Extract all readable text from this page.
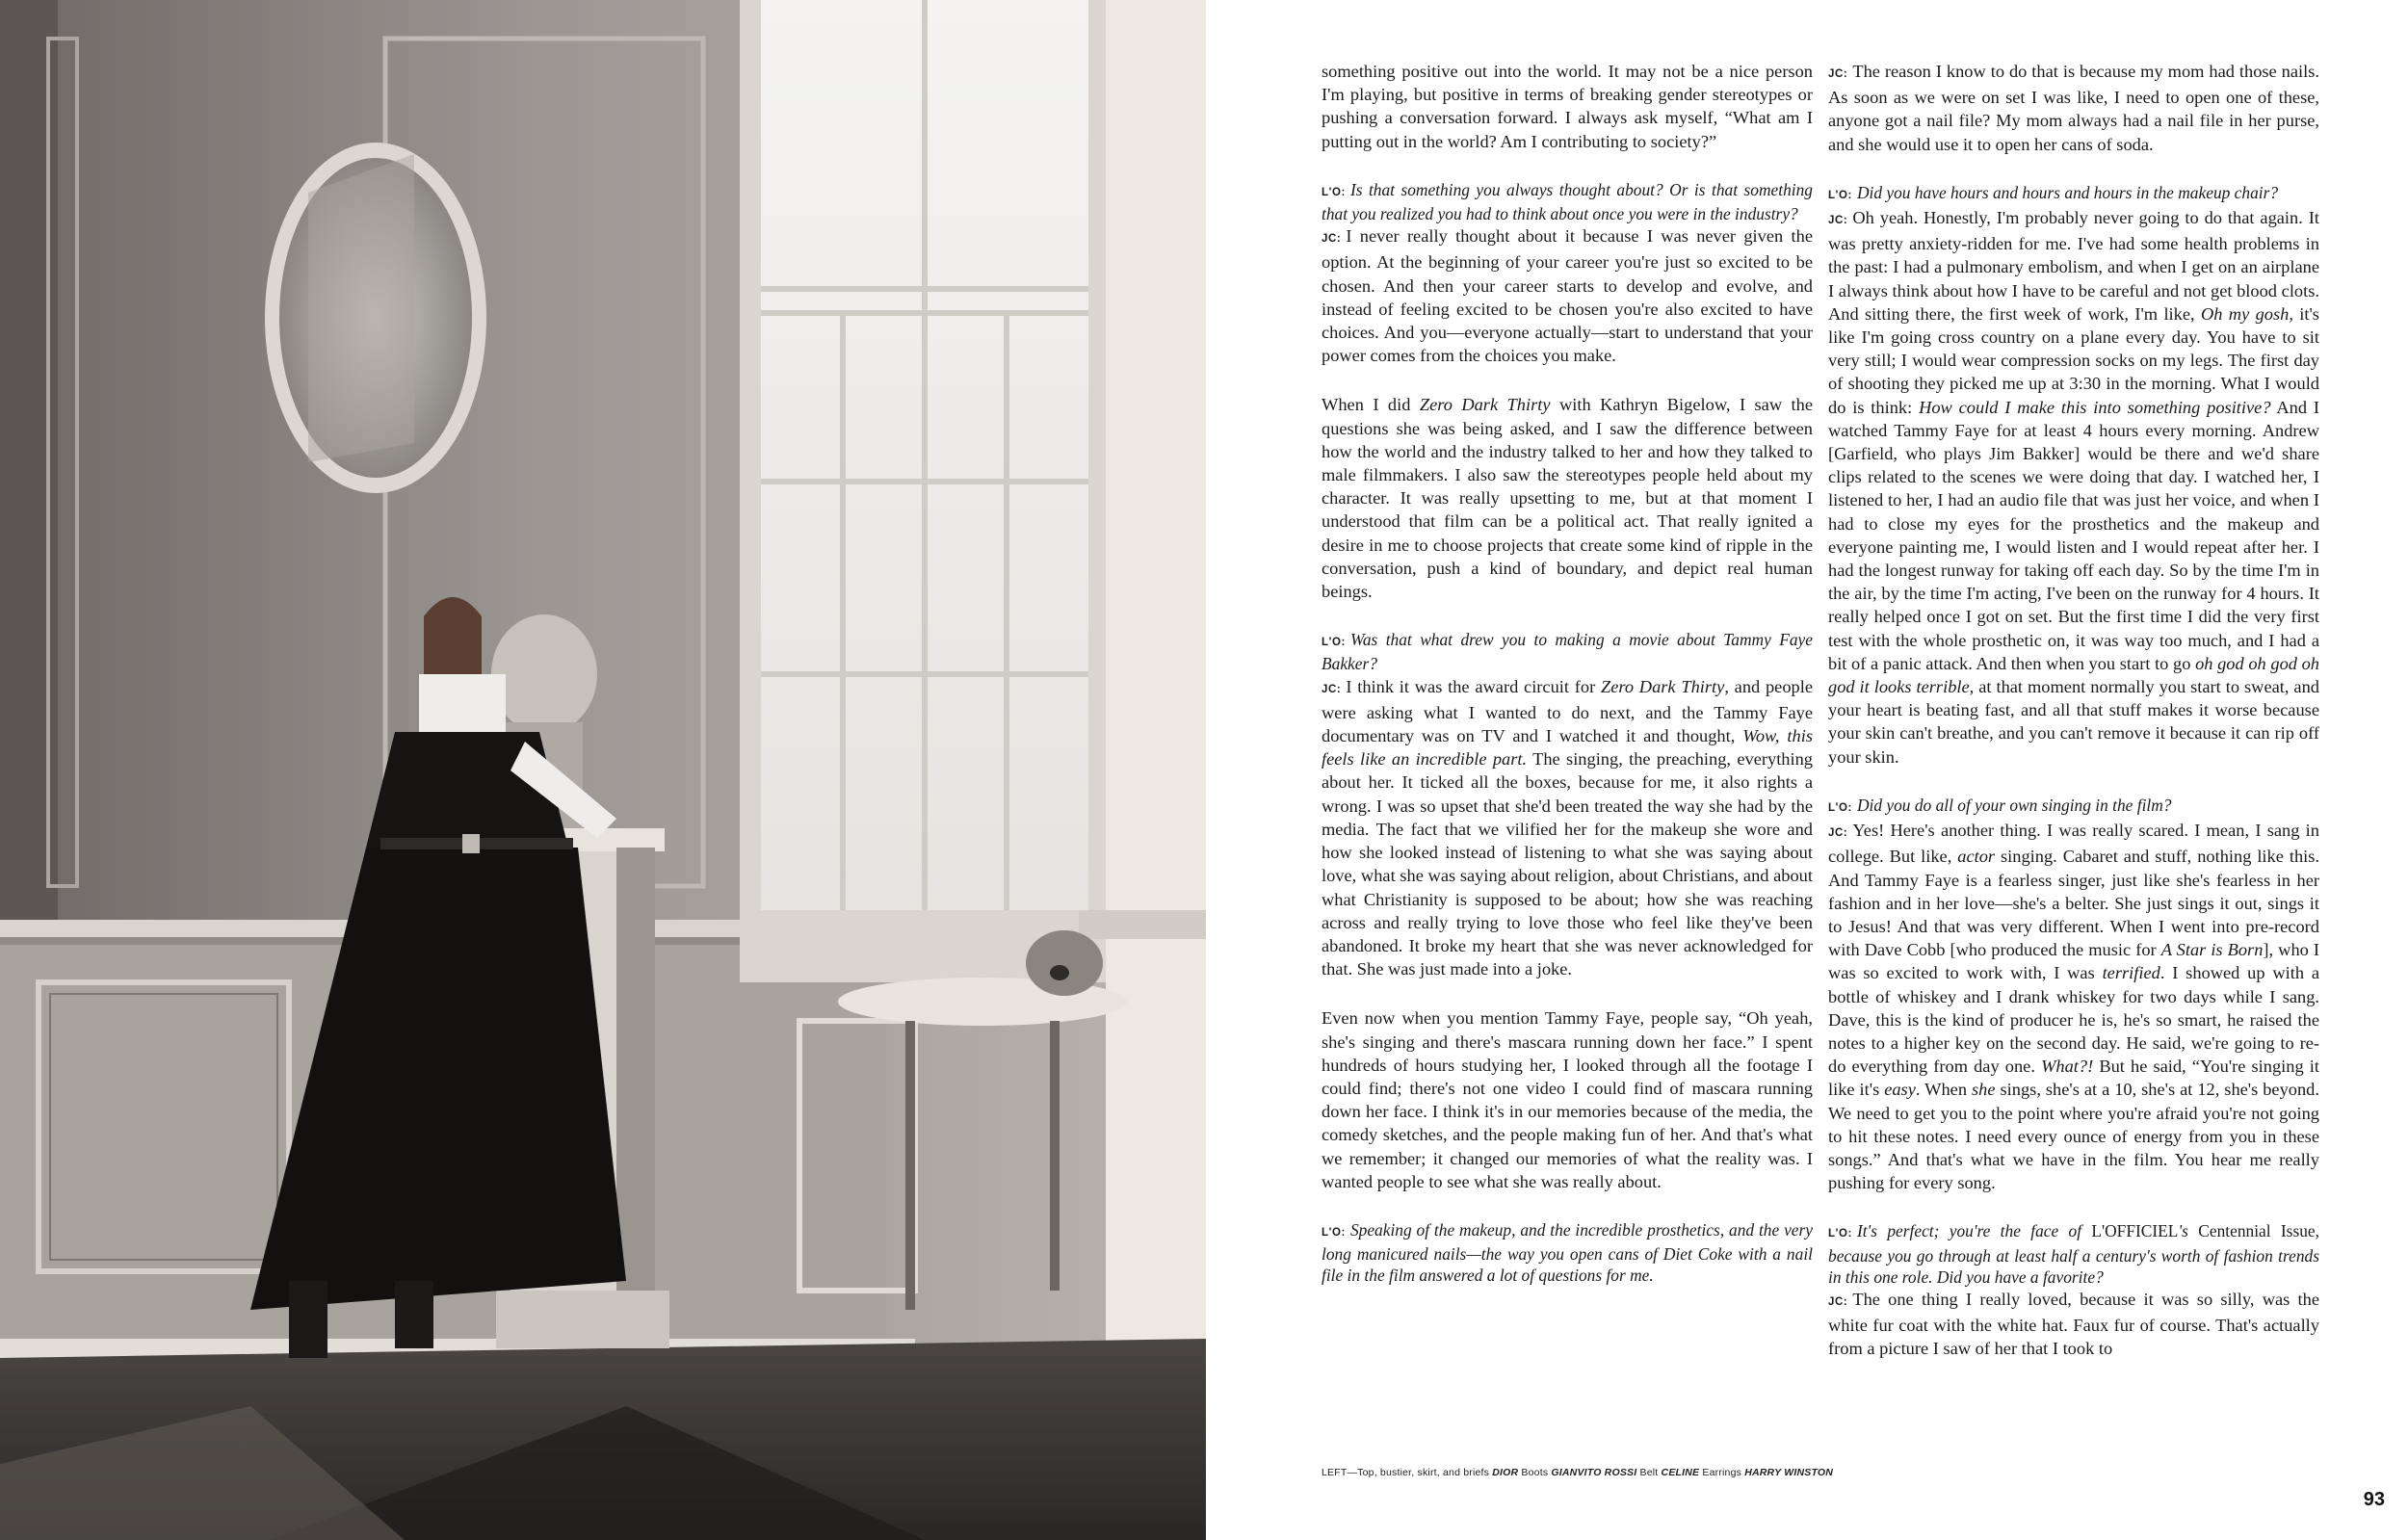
something positive out into the world. It may not be a nice person I'm playing, but positive in terms of breaking gender stereotypes or pushing a conversation forward. I always ask myself, “What am I putting out in the world? Am I contributing to society?”

L'O: Is that something you always thought about? Or is that something that you realized you had to think about once you were in the industry?

JC: I never really thought about it because I was never given the option. At the beginning of your career you're just so excited to be chosen. And then your career starts to develop and evolve, and instead of feeling excited to be chosen you're also excited to have choices. And you—everyone actually—start to understand that your power comes from the choices you make.

When I did Zero Dark Thirty with Kathryn Bigelow, I saw the questions she was being asked, and I saw the difference between how the world and the industry talked to her and how they talked to male filmmakers. I also saw the stereotypes people held about my character. It was really upsetting to me, but at that moment I understood that film can be a political act. That really ignited a desire in me to choose projects that create some kind of ripple in the conversation, push a kind of boundary, and depict real human beings.

L'O: Was that what drew you to making a movie about Tammy Faye Bakker?

JC: I think it was the award circuit for Zero Dark Thirty, and people were asking what I wanted to do next, and the Tammy Faye documentary was on TV and I watched it and thought, Wow, this feels like an incredible part. The singing, the preaching, everything about her. It ticked all the boxes, because for me, it also rights a wrong. I was so upset that she'd been treated the way she had by the media. The fact that we vilified her for the makeup she wore and how she looked instead of listening to what she was saying about love, what she was saying about religion, about Christians, and about what Christianity is supposed to be about; how she was reaching across and really trying to love those who feel like they've been abandoned. It broke my heart that she was never acknowledged for that. She was just made into a joke.

Even now when you mention Tammy Faye, people say, “Oh yeah, she's singing and there's mascara running down her face.” I spent hundreds of hours studying her, I looked through all the footage I could find; there's not one video I could find of mascara running down her face. I think it's in our memories because of the media, the comedy sketches, and the people making fun of her. And that's what we remember; it changed our memories of what the reality was. I wanted people to see what she was really about.

L'O: Speaking of the makeup, and the incredible prosthetics, and the very long manicured nails—the way you open cans of Diet Coke with a nail file in the film answered a lot of questions for me.

JC: The reason I know to do that is because my mom had those nails. As soon as we were on set I was like, I need to open one of these, anyone got a nail file? My mom always had a nail file in her purse, and she would use it to open her cans of soda.

L'O: Did you have hours and hours and hours in the makeup chair?

JC: Oh yeah. Honestly, I'm probably never going to do that again. It was pretty anxiety-ridden for me. I've had some health problems in the past: I had a pulmonary embolism, and when I get on an airplane I always think about how I have to be careful and not get blood clots. And sitting there, the first week of work, I'm like, Oh my gosh, it's like I'm going cross country on a plane every day. You have to sit very still; I would wear compression socks on my legs. The first day of shooting they picked me up at 3:30 in the morning. What I would do is think: How could I make this into something positive? And I watched Tammy Faye for at least 4 hours every morning. Andrew [Garfield, who plays Jim Bakker] would be there and we'd share clips related to the scenes we were doing that day. I watched her, I listened to her, I had an audio file that was just her voice, and when I had to close my eyes for the prosthetics and the makeup and everyone painting me, I would listen and I would repeat after her. I had the longest runway for taking off each day. So by the time I'm in the air, by the time I'm acting, I've been on the runway for 4 hours. It really helped once I got on set. But the first time I did the very first test with the whole prosthetic on, it was way too much, and I had a bit of a panic attack. And then when you start to go oh god oh god oh god it looks terrible, at that moment normally you start to sweat, and your heart is beating fast, and all that stuff makes it worse because your skin can't breathe, and you can't remove it because it can rip off your skin.

L'O: Did you do all of your own singing in the film?

JC: Yes! Here's another thing. I was really scared. I mean, I sang in college. But like, actor singing. Cabaret and stuff, nothing like this. And Tammy Faye is a fearless singer, just like she's fearless in her fashion and in her love—she's a belter. She just sings it out, sings it to Jesus! And that was very different. When I went into pre-record with Dave Cobb [who produced the music for A Star is Born], who I was so excited to work with, I was terrified. I showed up with a bottle of whiskey and I drank whiskey for two days while I sang. Dave, this is the kind of producer he is, he's so smart, he raised the notes to a higher key on the second day. He said, we're going to re-do everything from day one. What?! But he said, “You're singing it like it's easy. When she sings, she's at a 10, she's at 12, she's beyond. We need to get you to the point where you're afraid you're not going to hit these notes. I need every ounce of energy from you in these songs.” And that's what we have in the film. You hear me really pushing for every song.

L'O: It's perfect; you're the face of L'OFFICIEL's Centennial Issue, because you go through at least half a century's worth of fashion trends in this one role. Did you have a favorite?

JC: The one thing I really loved, because it was so silly, was the white fur coat with the white hat. Faux fur of course. That's actually from a picture I saw of her that I took to

LEFT—Top, bustier, skirt, and briefs DIOR Boots GIANVITO ROSSI Belt CELINE Earrings HARRY WINSTON
93
